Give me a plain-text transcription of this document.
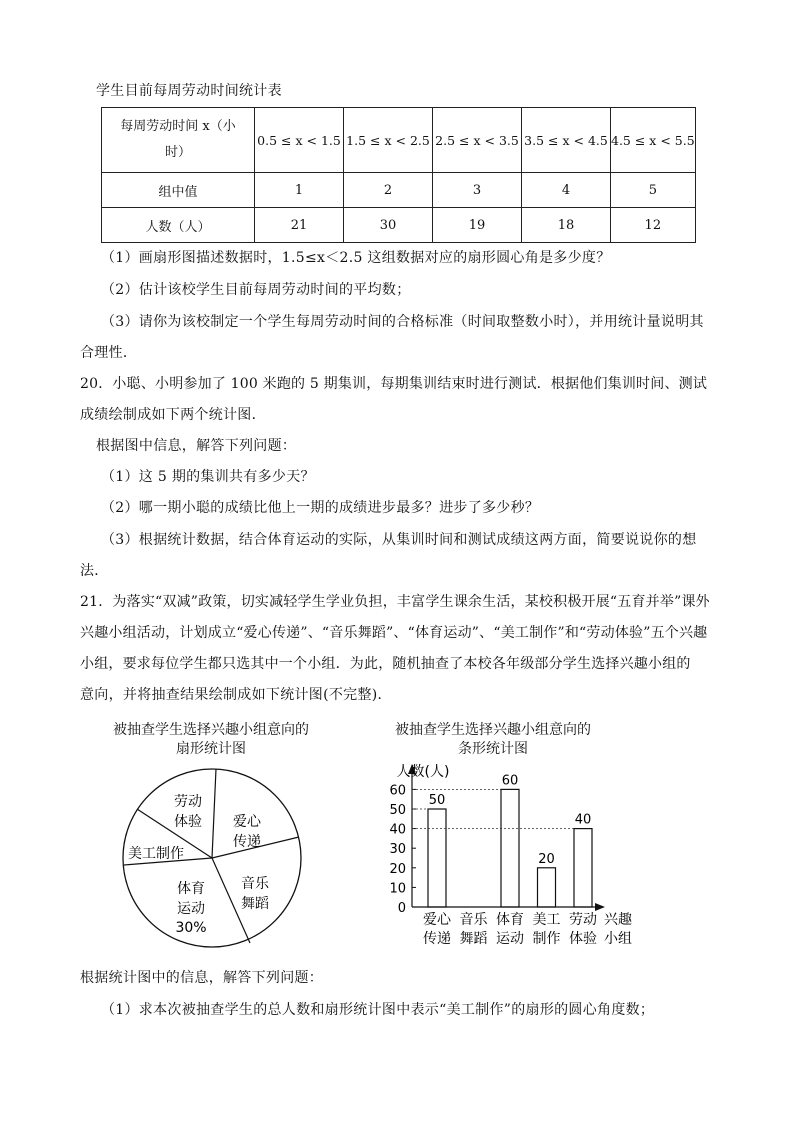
学生目前每周劳动时间统计表
每周劳动时间 x（小
时）	0.5 ≤ x < 1.5	1.5 ≤ x < 2.5	2.5 ≤ x < 3.5	3.5 ≤ x < 4.5	4.5 ≤ x < 5.5
组中值	1	2	3	4	5
人数（人）	21	30	19	18	12
（1）画扇形图描述数据时，1.5≤x＜2.5 这组数据对应的扇形圆心角是多少度？
（2）估计该校学生目前每周劳动时间的平均数；
（3）请你为该校制定一个学生每周劳动时间的合格标准（时间取整数小时），并用统计量说明其
合理性．
20．小聪、小明参加了 100 米跑的 5 期集训，每期集训结束时进行测试．根据他们集训时间、测试
成绩绘制成如下两个统计图．
根据图中信息，解答下列问题：
（1）这 5 期的集训共有多少天？
（2）哪一期小聪的成绩比他上一期的成绩进步最多？进步了多少秒？
（3）根据统计数据，结合体育运动的实际，从集训时间和测试成绩这两方面，简要说说你的想
法．
21．为落实“双减”政策，切实减轻学生学业负担，丰富学生课余生活，某校积极开展“五育并举”课外
兴趣小组活动，计划成立“爱心传递”、“音乐舞蹈”、“体育运动”、“美工制作”和“劳动体验”五个兴趣
小组，要求每位学生都只选其中一个小组．为此，随机抽查了本校各年级部分学生选择兴趣小组的
意向，并将抽查结果绘制成如下统计图(不完整)．
被抽查学生选择兴趣小组意向的
扇形统计图
被抽查学生选择兴趣小组意向的
条形统计图
劳动
体验 爱心
传递
音乐
舞蹈
体育
运动
30%
美工制作
0
10
20
30
40
50
60
爱心
传递
50
音乐
舞蹈
体育
运动
60
美工
制作
20
劳动
体验
40
人数(人)
兴趣
小组
根据统计图中的信息，解答下列问题：
（1）求本次被抽查学生的总人数和扇形统计图中表示“美工制作”的扇形的圆心角度数；
